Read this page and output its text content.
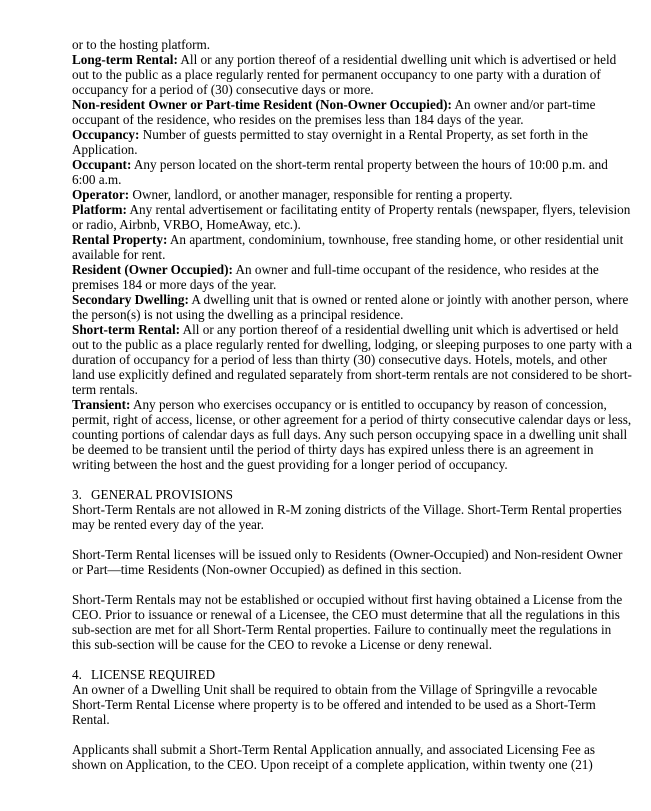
or to the hosting platform.

Long-term Rental: All or any portion thereof of a residential dwelling unit which is advertised or held out to the public as a place regularly rented for permanent occupancy to one party with a duration of occupancy for a period of (30) consecutive days or more.

Non-resident Owner or Part-time Resident (Non-Owner Occupied): An owner and/or part-time occupant of the residence, who resides on the premises less than 184 days of the year.

Occupancy: Number of guests permitted to stay overnight in a Rental Property, as set forth in the Application.

Occupant: Any person located on the short-term rental property between the hours of 10:00 p.m. and 6:00 a.m.

Operator: Owner, landlord, or another manager, responsible for renting a property.

Platform: Any rental advertisement or facilitating entity of Property rentals (newspaper, flyers, television or radio, Airbnb, VRBO, HomeAway, etc.).

Rental Property: An apartment, condominium, townhouse, free standing home, or other residential unit available for rent.

Resident (Owner Occupied): An owner and full-time occupant of the residence, who resides at the premises 184 or more days of the year.

Secondary Dwelling: A dwelling unit that is owned or rented alone or jointly with another person, where the person(s) is not using the dwelling as a principal residence.

Short-term Rental: All or any portion thereof of a residential dwelling unit which is advertised or held out to the public as a place regularly rented for dwelling, lodging, or sleeping purposes to one party with a duration of occupancy for a period of less than thirty (30) consecutive days. Hotels, motels, and other land use explicitly defined and regulated separately from short-term rentals are not considered to be short-term rentals.

Transient: Any person who exercises occupancy or is entitled to occupancy by reason of concession, permit, right of access, license, or other agreement for a period of thirty consecutive calendar days or less, counting portions of calendar days as full days. Any such person occupying space in a dwelling unit shall be deemed to be transient until the period of thirty days has expired unless there is an agreement in writing between the host and the guest providing for a longer period of occupancy.

3. GENERAL PROVISIONS

Short-Term Rentals are not allowed in R-M zoning districts of the Village. Short-Term Rental properties may be rented every day of the year.

Short-Term Rental licenses will be issued only to Residents (Owner-Occupied) and Non-resident Owner or Part—time Residents (Non-owner Occupied) as defined in this section.

Short-Term Rentals may not be established or occupied without first having obtained a License from the CEO. Prior to issuance or renewal of a Licensee, the CEO must determine that all the regulations in this sub-section are met for all Short-Term Rental properties. Failure to continually meet the regulations in this sub-section will be cause for the CEO to revoke a License or deny renewal.

4. LICENSE REQUIRED

An owner of a Dwelling Unit shall be required to obtain from the Village of Springville a revocable Short-Term Rental License where property is to be offered and intended to be used as a Short-Term Rental.

Applicants shall submit a Short-Term Rental Application annually, and associated Licensing Fee as shown on Application, to the CEO. Upon receipt of a complete application, within twenty one (21)
